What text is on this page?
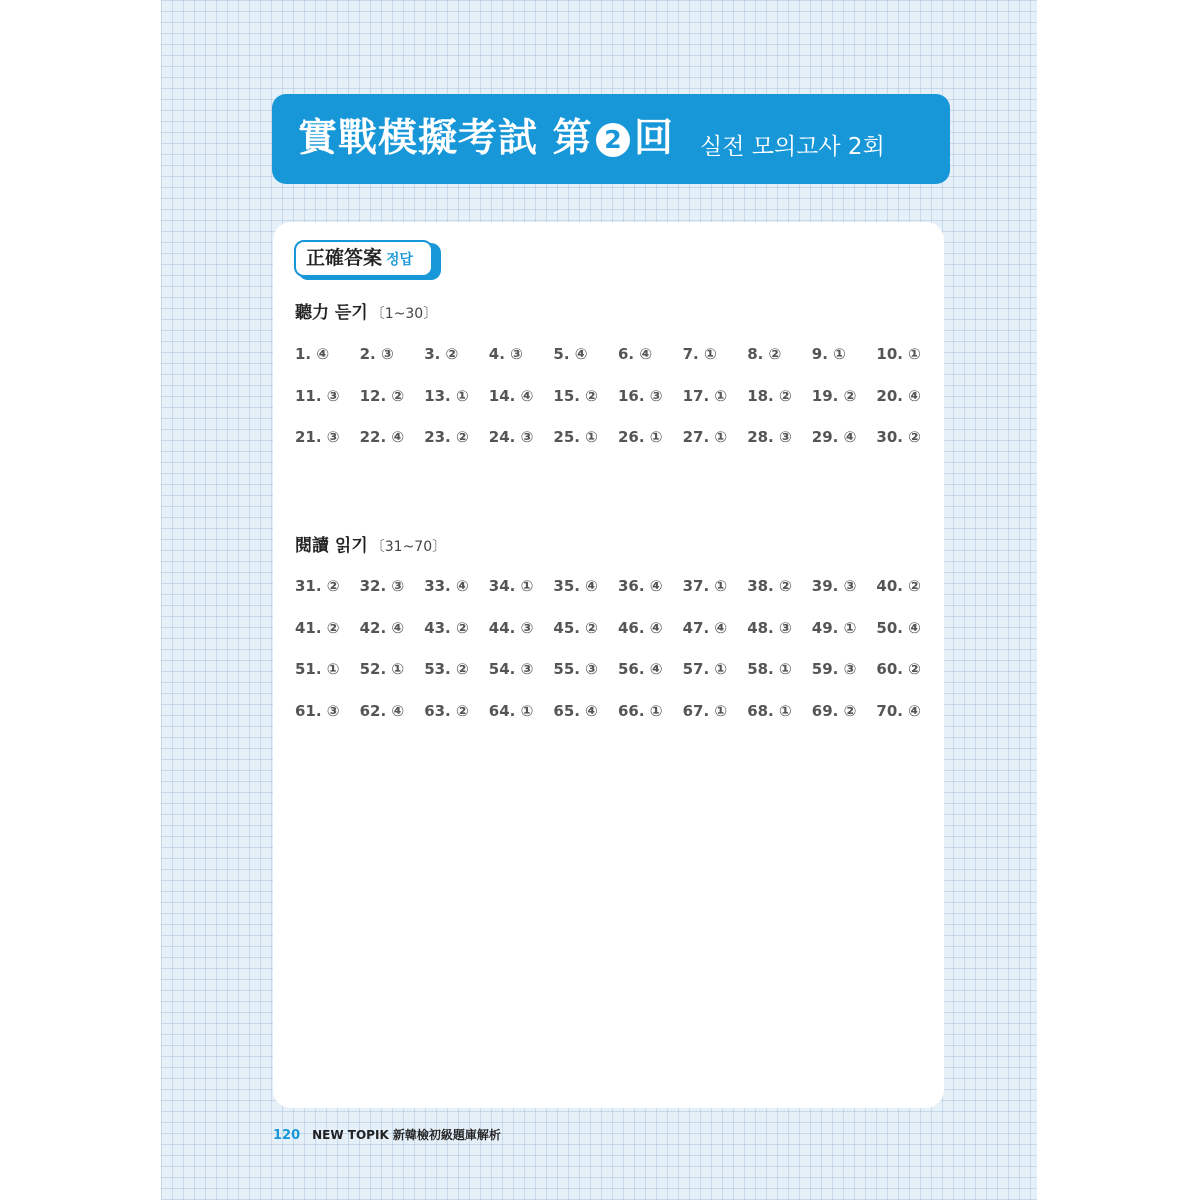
實戰模擬考試 第 2 回 실전 모의고사 2회
正確答案 정답
聽力 듣기 〔1~30〕
1. ④	2. ③	3. ②	4. ③	5. ④	6. ④	7. ①	8. ②	9. ①	10. ①
11. ③	12. ②	13. ①	14. ④	15. ②	16. ③	17. ①	18. ②	19. ②	20. ④
21. ③	22. ④	23. ②	24. ③	25. ①	26. ①	27. ①	28. ③	29. ④	30. ②
閱讀 읽기 〔31~70〕
31. ②	32. ③	33. ④	34. ①	35. ④	36. ④	37. ①	38. ②	39. ③	40. ②
41. ②	42. ④	43. ②	44. ③	45. ②	46. ④	47. ④	48. ③	49. ①	50. ④
51. ①	52. ①	53. ②	54. ③	55. ③	56. ④	57. ①	58. ①	59. ③	60. ②
61. ③	62. ④	63. ②	64. ①	65. ④	66. ①	67. ①	68. ①	69. ②	70. ④
120 NEW TOPIK 新韓檢初級題庫解析
